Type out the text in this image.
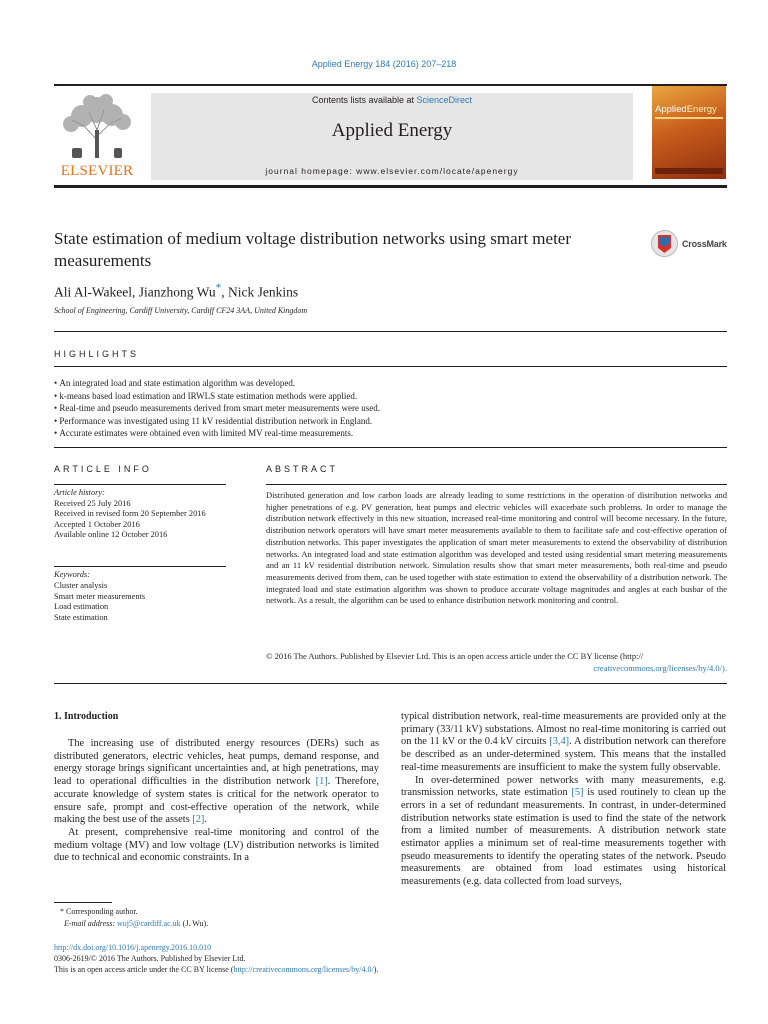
Applied Energy 184 (2016) 207–218
ELSEVIER
Contents lists available at ScienceDirect
Applied Energy
journal homepage: www.elsevier.com/locate/apenergy
AppliedEnergy
State estimation of medium voltage distribution networks using smart meter measurements
CrossMark
Ali Al-Wakeel, Jianzhong Wu*, Nick Jenkins
School of Engineering, Cardiff University, Cardiff CF24 3AA, United Kingdom
HIGHLIGHTS
• An integrated load and state estimation algorithm was developed.
• k-means based load estimation and IRWLS state estimation methods were applied.
• Real-time and pseudo measurements derived from smart meter measurements were used.
• Performance was investigated using 11 kV residential distribution network in England.
• Accurate estimates were obtained even with limited MV real-time measurements.
ARTICLE INFO	ABSTRACT
Article history:
Received 25 July 2016
Received in revised form 20 September 2016
Accepted 1 October 2016
Available online 12 October 2016
Keywords:
Cluster analysis
Smart meter measurements
Load estimation
State estimation
Distributed generation and low carbon loads are already leading to some restrictions in the operation of distribution networks and higher penetrations of e.g. PV generation, heat pumps and electric vehicles will exacerbate such problems. In order to manage the distribution network effectively in this new situation, increased real-time monitoring and control will become necessary. In the future, distribution network operators will have smart meter measurements available to them to facilitate safe and cost-effective operation of distribution networks. This paper investigates the application of smart meter measurements to extend the observability of distribution networks. An integrated load and state estimation algorithm was developed and tested using residential smart metering measurements and an 11 kV residential distribution network. Simulation results show that smart meter measurements, both real-time and pseudo measurements derived from them, can be used together with state estimation to extend the observability of a distribution network. The integrated load and state estimation algorithm was shown to produce accurate voltage magnitudes and angles at each busbar of the network. As a result, the algorithm can be used to enhance distribution network monitoring and control.
© 2016 The Authors. Published by Elsevier Ltd. This is an open access article under the CC BY license (http://
creativecommons.org/licenses/by/4.0/).
1. Introduction

The increasing use of distributed energy resources (DERs) such as distributed generators, electric vehicles, heat pumps, demand response, and energy storage brings significant uncertainties and, at high penetrations, may lead to operational difficulties in the distribution network [1]. Therefore, accurate knowledge of system states is critical for the network operator to ensure safe, prompt and cost-effective operation of the network, while making the best use of the assets [2].

At present, comprehensive real-time monitoring and control of the medium voltage (MV) and low voltage (LV) distribution networks is limited due to technical and economic constraints. In a

typical distribution network, real-time measurements are provided only at the primary (33/11 kV) substations. Almost no real-time monitoring is carried out on the 11 kV or the 0.4 kV circuits [3,4]. A distribution network can therefore be described as an under-determined system. This means that the installed real-time measurements are insufficient to make the system fully observable.

In over-determined power networks with many measurements, e.g. transmission networks, state estimation [5] is used routinely to clean up the errors in a set of redundant measurements. In contrast, in under-determined distribution networks state estimation is used to find the state of the network from a limited number of measurements. A distribution network state estimator applies a minimum set of real-time measurements together with pseudo measurements to identify the operating states of the network. Pseudo measurements are obtained from load estimates using historical measurements (e.g. data collected from load surveys,

* Corresponding author.
E-mail address: wuj5@cardiff.ac.uk (J. Wu).
http://dx.doi.org/10.1016/j.apenergy.2016.10.010
0306-2619/© 2016 The Authors. Published by Elsevier Ltd.
This is an open access article under the CC BY license (http://creativecommons.org/licenses/by/4.0/).
